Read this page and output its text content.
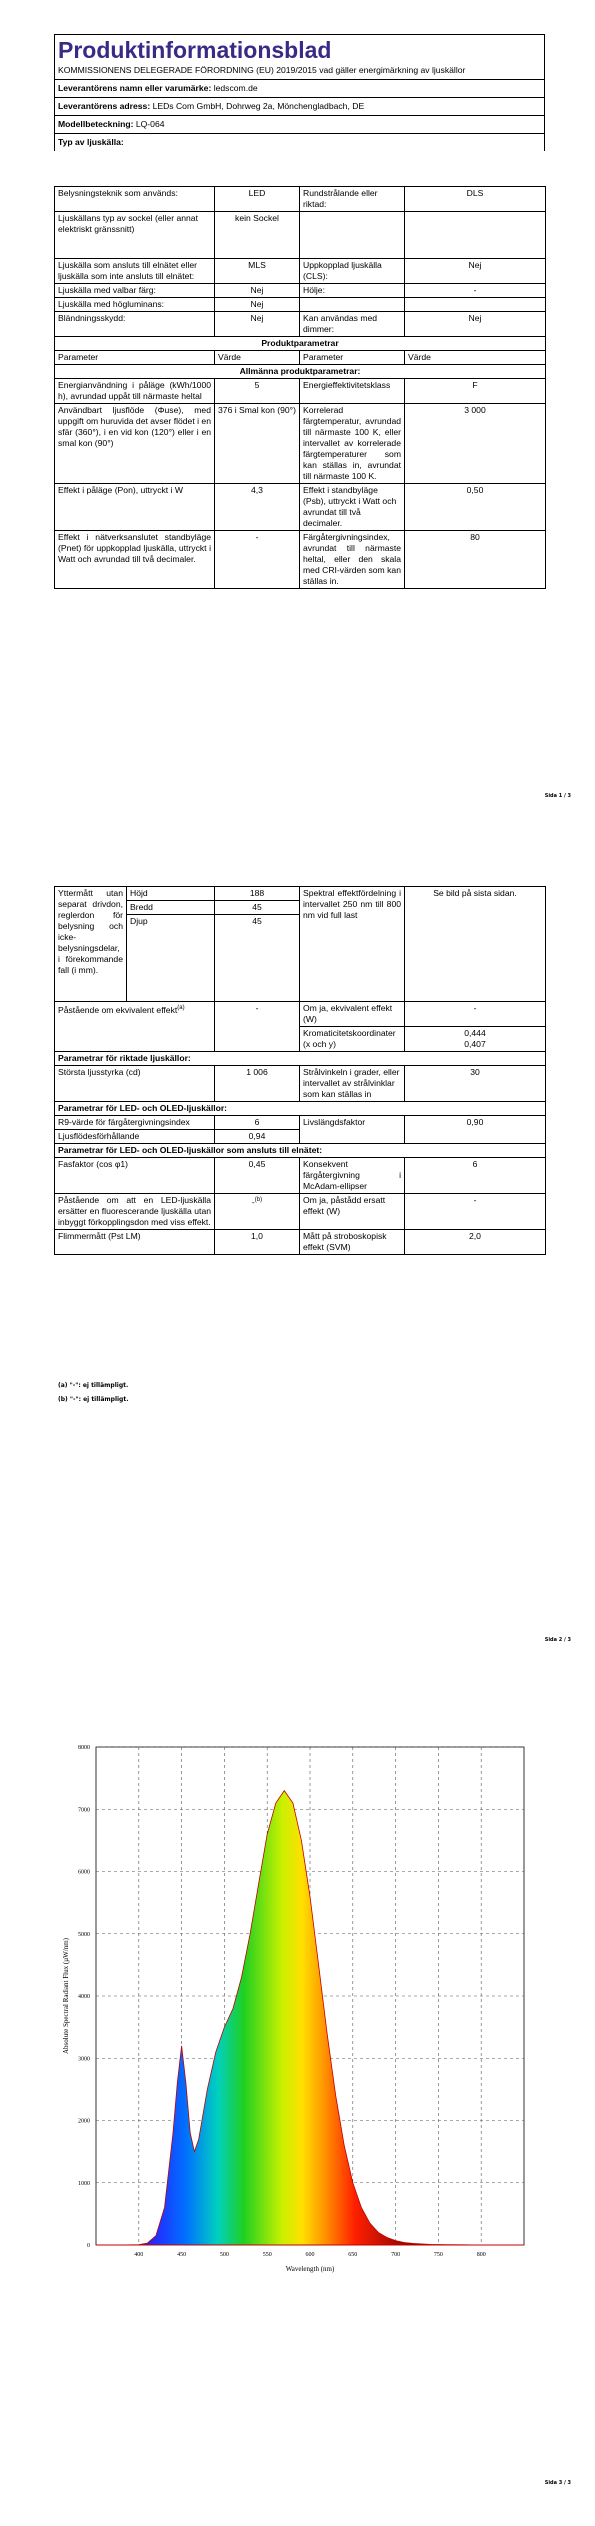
Produktinformationsblad
KOMMISSIONENS DELEGERADE FÖRORDNING (EU) 2019/2015 vad gäller energimärkning av ljuskällor
Leverantörens namn eller varumärke: ledscom.de
Leverantörens adress: LEDs Com GmbH, Dohrweg 2a, Mönchengladbach, DE
Modellbeteckning: LQ-064
Typ av ljuskälla:
Belysningsteknik som används:	LED	Rundstrålande eller riktad:	DLS
Ljuskällans typ av sockel (eller annat elektriskt gränssnitt)	kein Sockel		
Ljuskälla som ansluts till elnätet eller ljuskälla som inte ansluts till elnätet:	MLS	Uppkopplad ljuskälla (CLS):	Nej
Ljuskälla med valbar färg:	Nej	Hölje:	-
Ljuskälla med högluminans:	Nej		
Bländningsskydd:	Nej	Kan användas med dimmer:	Nej
Produktparametrar			
Parameter	Värde	Parameter	Värde
Allmänna produktparametrar:			
Energianvändning i påläge (kWh/1000 h), avrundad uppåt till närmaste heltal	5	Energieffektivitetsklass	F
Användbart ljusflöde (Φuse), med uppgift om huruvida det avser flödet i en sfär (360°), i en vid kon (120°) eller i en smal kon (90°)	376 i Smal kon (90°)	Korrelerad färgtemperatur, avrundad till närmaste 100 K, eller intervallet av korrelerade färgtemperaturer som kan ställas in, avrundat till närmaste 100 K.	3 000
Effekt i påläge (Pon), uttryckt i W	4,3	Effekt i standbyläge (Psb), uttryckt i Watt och avrundat till två decimaler.	0,50
Effekt i nätverksanslutet standbyläge (Pnet) för uppkopplad ljuskälla, uttryckt i Watt och avrundad till två decimaler.	-	Färgåtergivningsindex, avrundat till närmaste heltal, eller den skala med CRI-värden som kan ställas in.	80
Sida 1 / 3
Yttermått utan separat drivdon, reglerdon för belysning och icke-belysningsdelar, i förekommande fall (i mm).	Höjd	188	Spektral effektfördelning i intervallet 250 nm till 800 nm vid full last	Se bild på sista sidan.
	Bredd	45		
	Djup	45		
Påstående om ekvivalent effekt$^{(a)}$		-	Om ja, ekvivalent effekt (W)	-
			Kromaticitetskoordinater (x och y)	0,444
0,407
Parametrar för riktade ljuskällor:				
Största ljusstyrka (cd)		1 006	Strålvinkeln i grader, eller intervallet av strålvinklar som kan ställas in	30
Parametrar för LED- och OLED-ljuskällor:				
R9-värde för färgåtergivningsindex		6	Livslängdsfaktor	0,90
Ljusflödesförhållande		0,94		
Parametrar för LED- och OLED-ljuskällor som ansluts till elnätet:				
Fasfaktor (cos φ1)		0,45	Konsekvent färgåtergivning i McAdam-ellipser	6
Påstående om att en LED-ljuskälla ersätter en fluorescerande ljuskälla utan inbyggt förkopplingsdon med viss effekt.		-$^{(b)}$	Om ja, påstådd ersatt effekt (W)	-
Flimmermått (Pst LM)		1,0	Mått på stroboskopisk effekt (SVM)	2,0
(a) "-": ej tillämpligt.
(b) "-": ej tillämpligt.
Sida 2 / 3
Sida 3 / 3
0
1000
2000
3000
4000
5000
6000
7000
8000
400	450	500	550	600	650	700	750	800
Absolute Spectral Radiant Flux (µW/nm)
Wavelength (nm)
